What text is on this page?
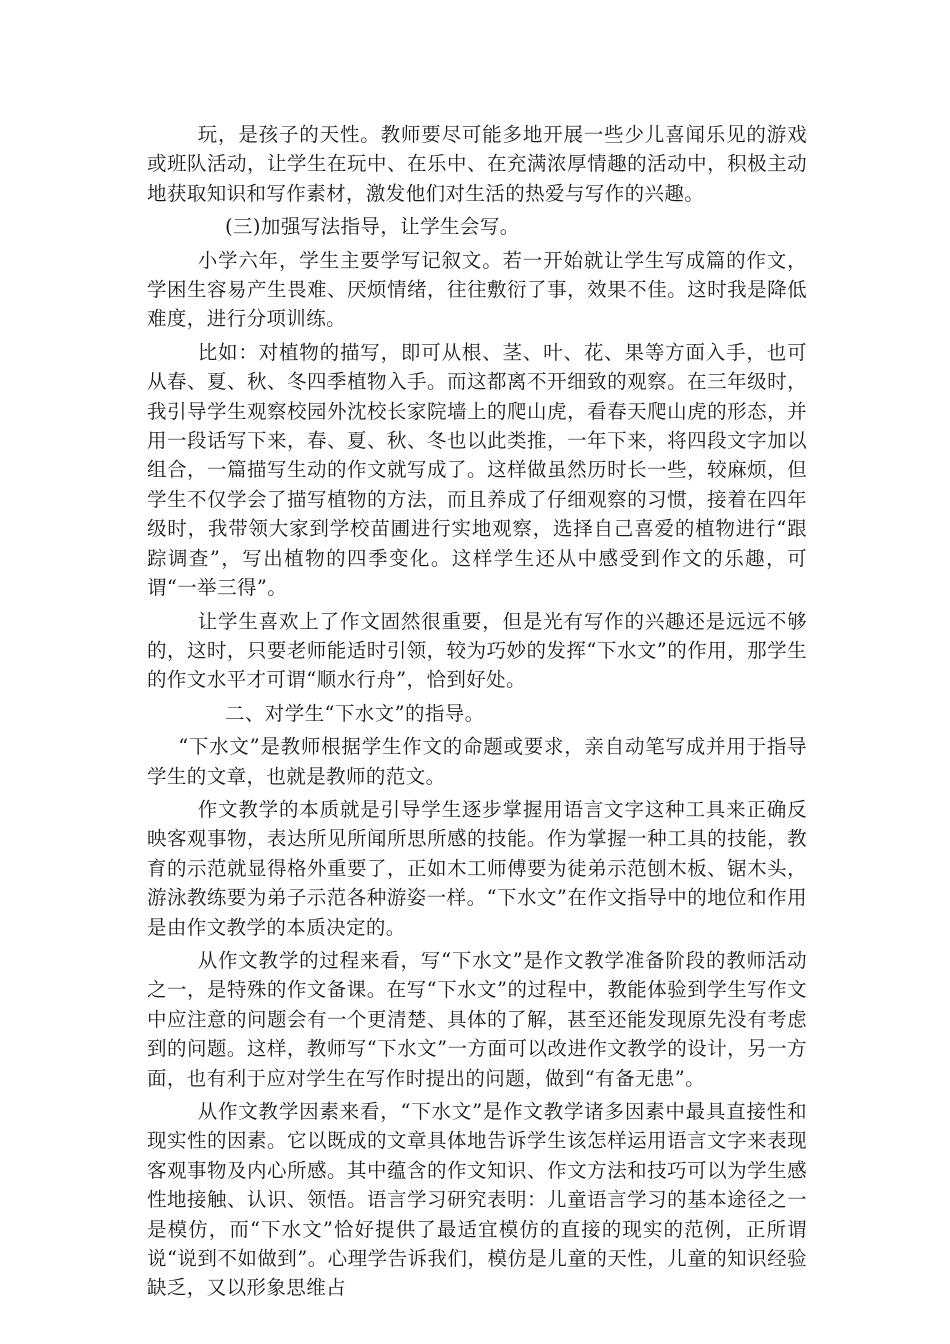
玩，是孩子的天性。教师要尽可能多地开展一些少儿喜闻乐见的游戏或班队活动，让学生在玩中、在乐中、在充满浓厚情趣的活动中，积极主动地获取知识和写作素材，激发他们对生活的热爱与写作的兴趣。

(三)加强写法指导，让学生会写。

小学六年，学生主要学写记叙文。若一开始就让学生写成篇的作文，学困生容易产生畏难、厌烦情绪，往往敷衍了事，效果不佳。这时我是降低难度，进行分项训练。

比如：对植物的描写，即可从根、茎、叶、花、果等方面入手，也可从春、夏、秋、冬四季植物入手。而这都离不开细致的观察。在三年级时，我引导学生观察校园外沈校长家院墙上的爬山虎，看春天爬山虎的形态，并用一段话写下来，春、夏、秋、冬也以此类推，一年下来，将四段文字加以组合，一篇描写生动的作文就写成了。这样做虽然历时长一些，较麻烦，但学生不仅学会了描写植物的方法，而且养成了仔细观察的习惯，接着在四年级时，我带领大家到学校苗圃进行实地观察，选择自己喜爱的植物进行“跟踪调查”，写出植物的四季变化。这样学生还从中感受到作文的乐趣，可谓“一举三得”。

让学生喜欢上了作文固然很重要，但是光有写作的兴趣还是远远不够的，这时，只要老师能适时引领，较为巧妙的发挥“下水文”的作用，那学生的作文水平才可谓“顺水行舟”，恰到好处。

二、对学生“下水文”的指导。

“下水文”是教师根据学生作文的命题或要求，亲自动笔写成并用于指导学生的文章，也就是教师的范文。

作文教学的本质就是引导学生逐步掌握用语言文字这种工具来正确反映客观事物，表达所见所闻所思所感的技能。作为掌握一种工具的技能，教育的示范就显得格外重要了，正如木工师傅要为徒弟示范刨木板、锯木头，游泳教练要为弟子示范各种游姿一样。“下水文”在作文指导中的地位和作用是由作文教学的本质决定的。

从作文教学的过程来看，写“下水文”是作文教学准备阶段的教师活动之一，是特殊的作文备课。在写“下水文”的过程中，教能体验到学生写作文中应注意的问题会有一个更清楚、具体的了解，甚至还能发现原先没有考虑到的问题。这样，教师写“下水文”一方面可以改进作文教学的设计，另一方面，也有利于应对学生在写作时提出的问题，做到“有备无患”。

从作文教学因素来看，“下水文”是作文教学诸多因素中最具直接性和现实性的因素。它以既成的文章具体地告诉学生该怎样运用语言文字来表现客观事物及内心所感。其中蕴含的作文知识、作文方法和技巧可以为学生感性地接触、认识、领悟。语言学习研究表明：儿童语言学习的基本途径之一是模仿，而“下水文”恰好提供了最适宜模仿的直接的现实的范例，正所谓说“说到不如做到”。心理学告诉我们，模仿是儿童的天性，儿童的知识经验缺乏，又以形象思维占
